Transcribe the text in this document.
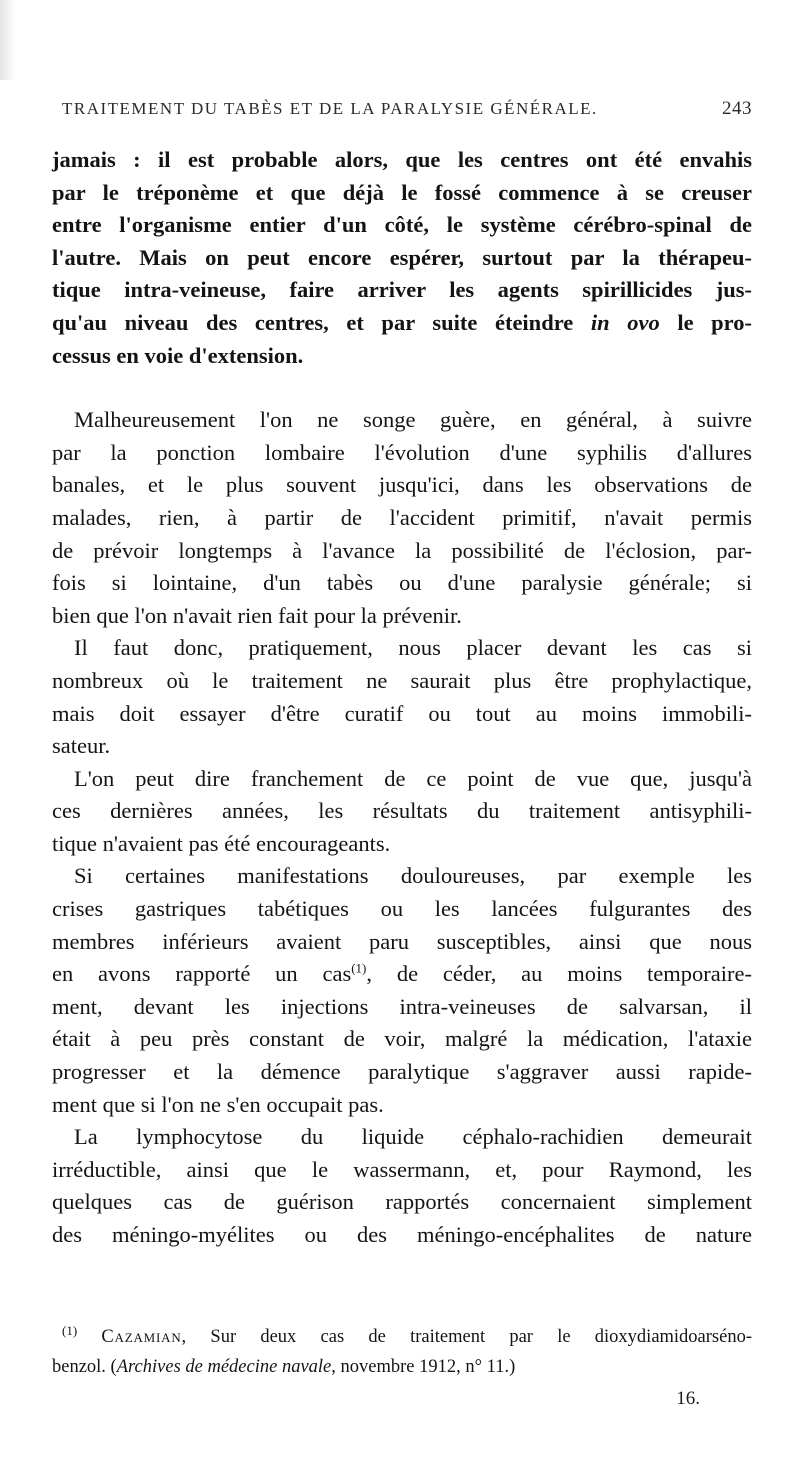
TRAITEMENT DU TABÈS ET DE LA PARALYSIE GÉNÉRALE.	243
jamais : il est probable alors, que les centres ont été envahis
par le tréponème et que déjà le fossé commence à se creuser
entre l'organisme entier d'un côté, le système cérébro-spinal de
l'autre. Mais on peut encore espérer, surtout par la thérapeu-
tique intra-veineuse, faire arriver les agents spirillicides jus-
qu'au niveau des centres, et par suite éteindre in ovo le pro-
cessus en voie d'extension.
Malheureusement l'on ne songe guère, en général, à suivre
par la ponction lombaire l'évolution d'une syphilis d'allures
banales, et le plus souvent jusqu'ici, dans les observations de
malades, rien, à partir de l'accident primitif, n'avait permis
de prévoir longtemps à l'avance la possibilité de l'éclosion, par-
fois si lointaine, d'un tabès ou d'une paralysie générale; si
bien que l'on n'avait rien fait pour la prévenir.
Il faut donc, pratiquement, nous placer devant les cas si
nombreux où le traitement ne saurait plus être prophylactique,
mais doit essayer d'être curatif ou tout au moins immobili-
sateur.
L'on peut dire franchement de ce point de vue que, jusqu'à
ces dernières années, les résultats du traitement antisyphili-
tique n'avaient pas été encourageants.
Si certaines manifestations douloureuses, par exemple les
crises gastriques tabétiques ou les lancées fulgurantes des
membres inférieurs avaient paru susceptibles, ainsi que nous
en avons rapporté un cas$^{(1)}$, de céder, au moins temporaire-
ment, devant les injections intra-veineuses de salvarsan, il
était à peu près constant de voir, malgré la médication, l'ataxie
progresser et la démence paralytique s'aggraver aussi rapide-
ment que si l'on ne s'en occupait pas.
La lymphocytose du liquide céphalo-rachidien demeurait
irréductible, ainsi que le wassermann, et, pour Raymond, les
quelques cas de guérison rapportés concernaient simplement
des méningo-myélites ou des méningo-encéphalites de nature
$^{(1)}$ Cazamian, Sur deux cas de traitement par le dioxydiamidoarséno-
benzol. (Archives de médecine navale, novembre 1912, n° 11.)
16.
